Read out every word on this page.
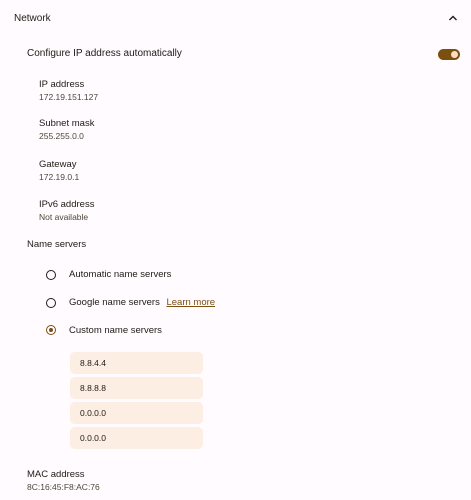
Network
Configure IP address automatically
IP address
172.19.151.127
Subnet mask
255.255.0.0
Gateway
172.19.0.1
IPv6 address
Not available
Name servers
Automatic name servers
Google name servers Learn more
Custom name servers
8.8.4.4
8.8.8.8
0.0.0.0
0.0.0.0
MAC address
8C:16:45:F8:AC:76
